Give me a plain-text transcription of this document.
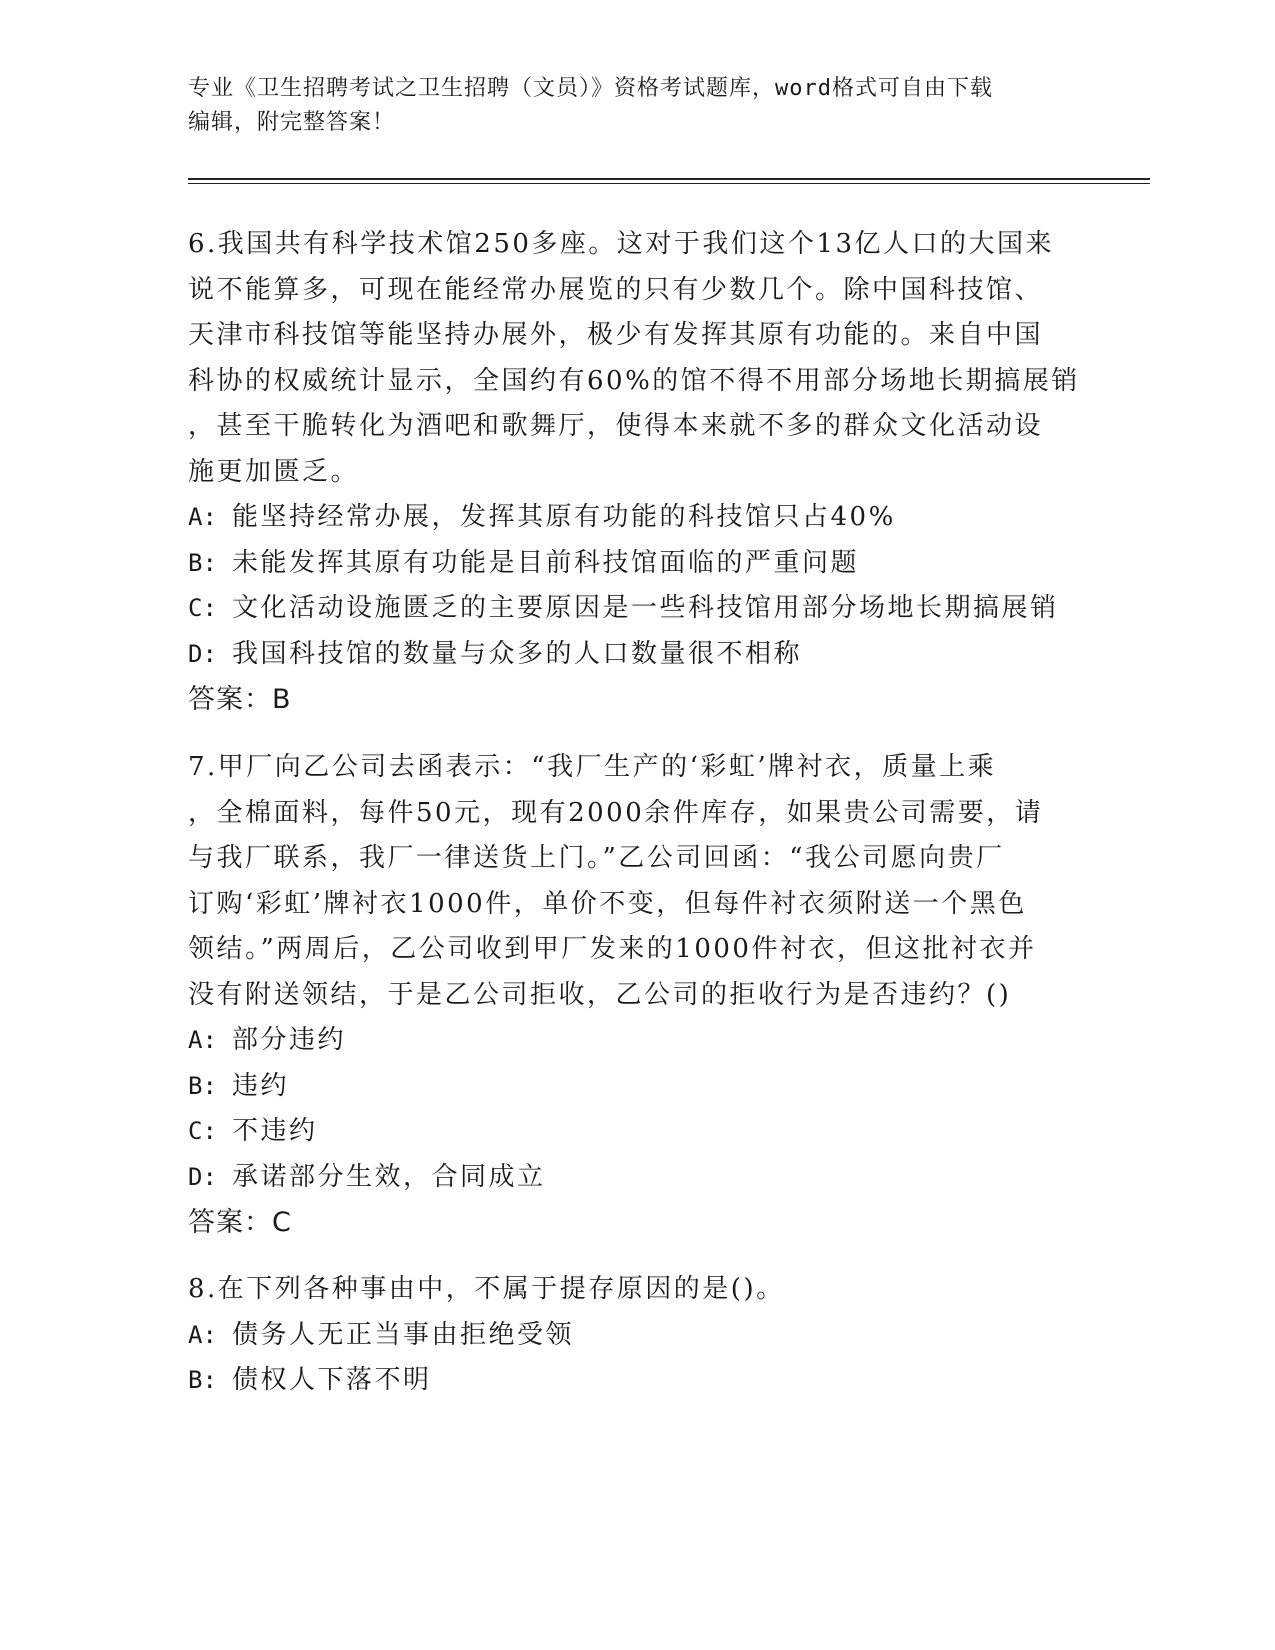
专业《卫生招聘考试之卫生招聘（文员）》资格考试题库，word格式可自由下载
编辑，附完整答案！

6.我国共有科学技术馆250多座。这对于我们这个13亿人口的大国来

说不能算多，可现在能经常办展览的只有少数几个。除中国科技馆、

天津市科技馆等能坚持办展外，极少有发挥其原有功能的。来自中国

科协的权威统计显示，全国约有60%的馆不得不用部分场地长期搞展销

，甚至干脆转化为酒吧和歌舞厅，使得本来就不多的群众文化活动设

施更加匮乏。

A: 能坚持经常办展，发挥其原有功能的科技馆只占40%

B: 未能发挥其原有功能是目前科技馆面临的严重问题

C: 文化活动设施匮乏的主要原因是一些科技馆用部分场地长期搞展销

D: 我国科技馆的数量与众多的人口数量很不相称

答案：B

7.甲厂向乙公司去函表示：“我厂生产的‘彩虹’牌衬衣，质量上乘

，全棉面料，每件50元，现有2000余件库存，如果贵公司需要，请

与我厂联系，我厂一律送货上门。”乙公司回函：“我公司愿向贵厂

订购‘彩虹’牌衬衣1000件，单价不变，但每件衬衣须附送一个黑色

领结。”两周后，乙公司收到甲厂发来的1000件衬衣，但这批衬衣并

没有附送领结，于是乙公司拒收，乙公司的拒收行为是否违约？()

A: 部分违约

B: 违约

C: 不违约

D: 承诺部分生效，合同成立

答案：C

8.在下列各种事由中，不属于提存原因的是()。

A: 债务人无正当事由拒绝受领

B: 债权人下落不明
